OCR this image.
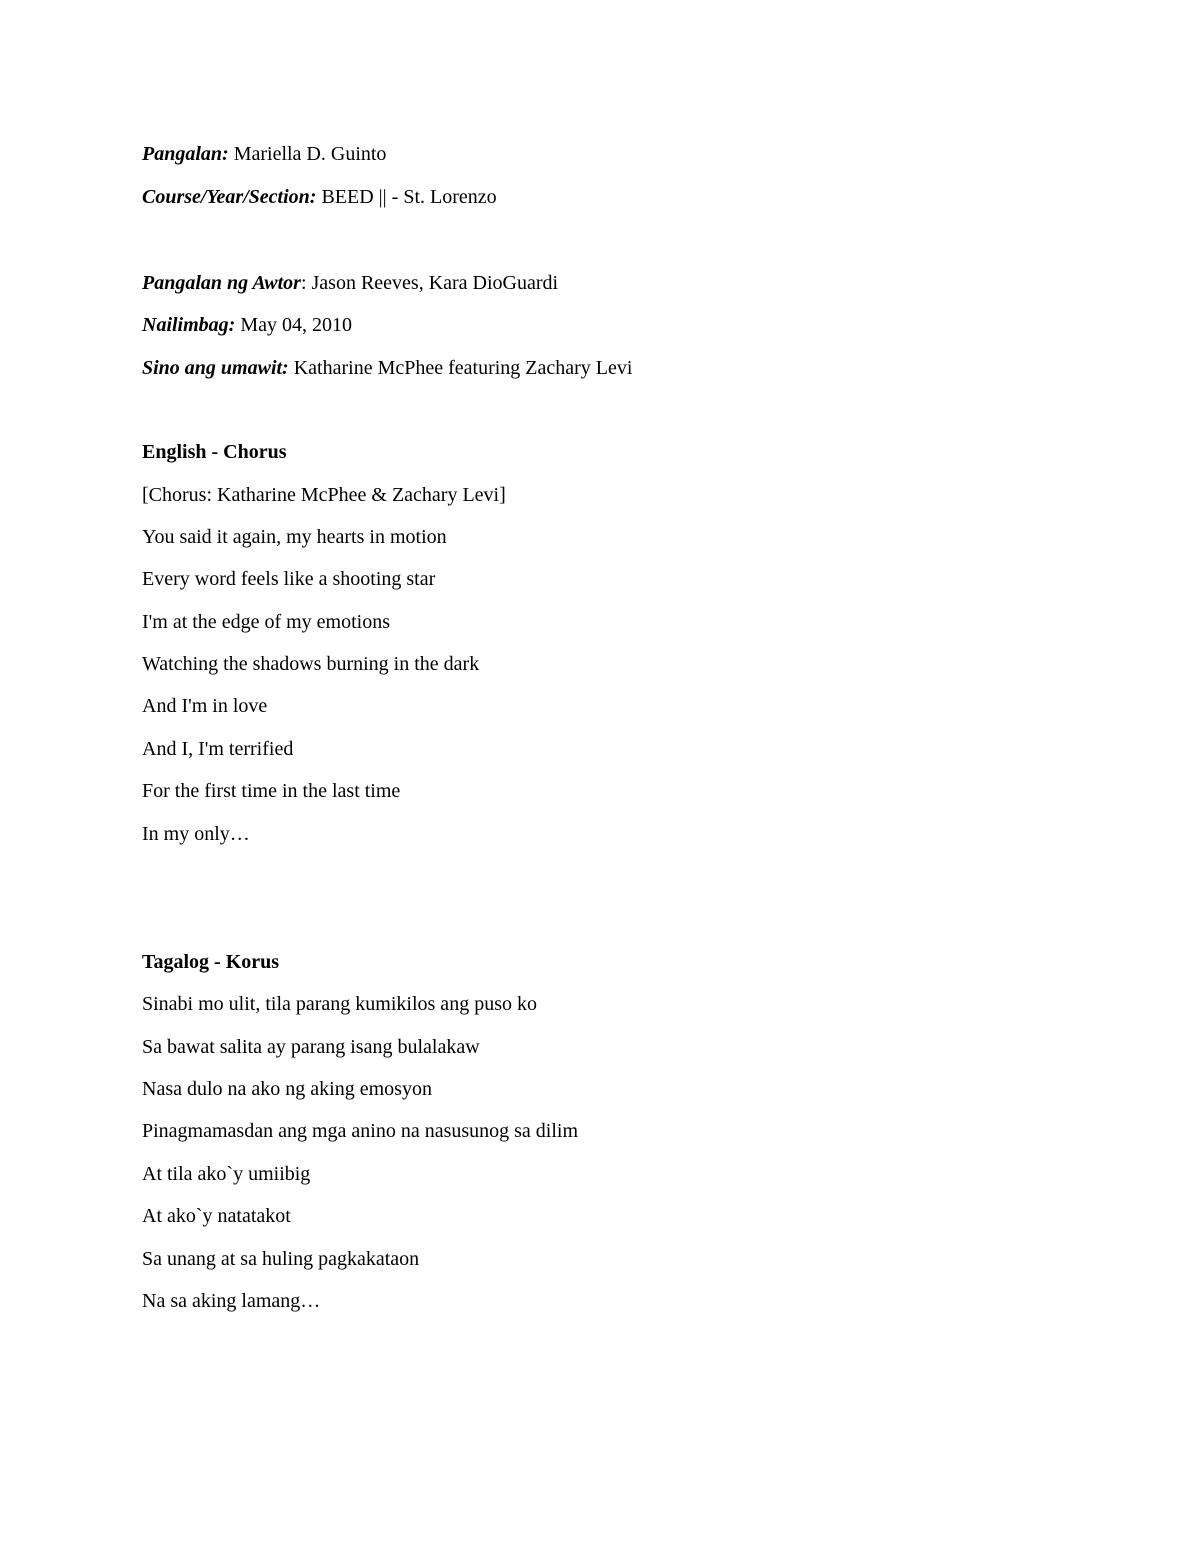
Pangalan: Mariella D. Guinto
Course/Year/Section: BEED || - St. Lorenzo
Pangalan ng Awtor: Jason Reeves, Kara DioGuardi
Nailimbag: May 04, 2010
Sino ang umawit: Katharine McPhee featuring Zachary Levi
English - Chorus
[Chorus: Katharine McPhee & Zachary Levi]
You said it again, my hearts in motion
Every word feels like a shooting star
I'm at the edge of my emotions
Watching the shadows burning in the dark
And I'm in love
And I, I'm terrified
For the first time in the last time
In my only…
Tagalog - Korus
Sinabi mo ulit, tila parang kumikilos ang puso ko
Sa bawat salita ay parang isang bulalakaw
Nasa dulo na ako ng aking emosyon
Pinagmamasdan ang mga anino na nasusunog sa dilim
At tila ako`y umiibig
At ako`y natatakot
Sa unang at sa huling pagkakataon
Na sa aking lamang…
